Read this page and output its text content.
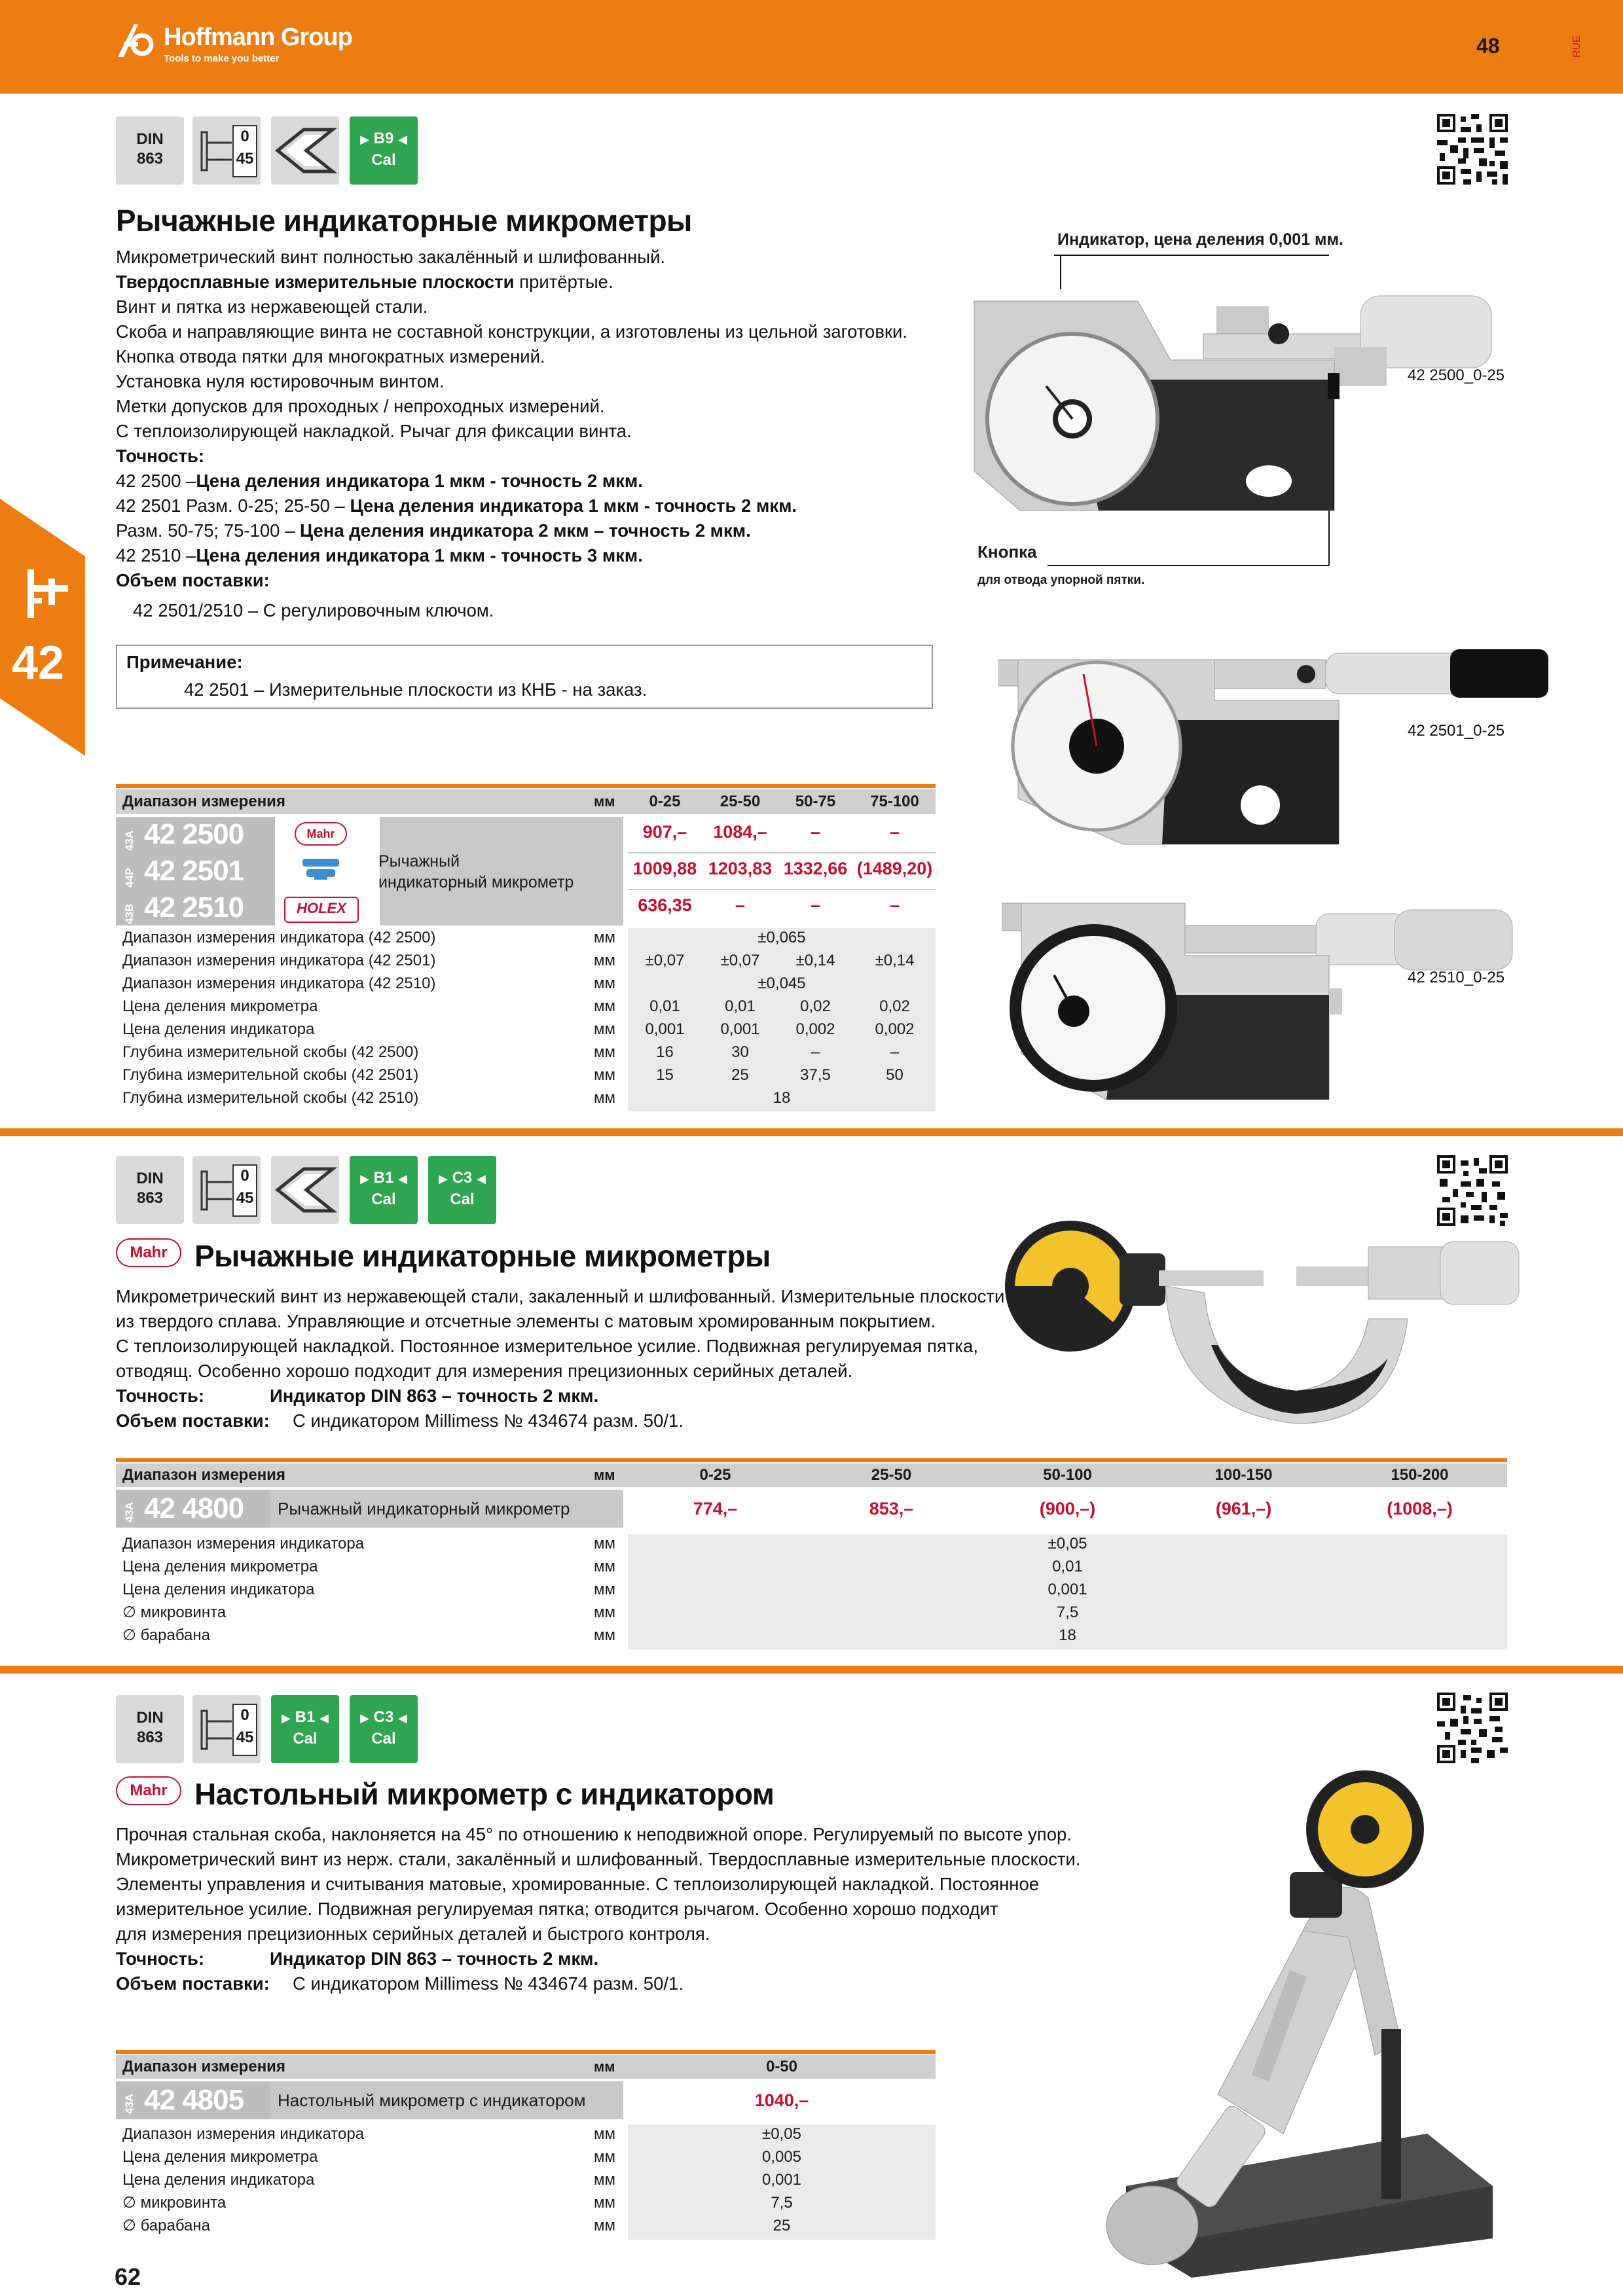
Hoffmann Group
Tools to make you better
48	RUE
42
DIN
863
0
45
▶ B9 ◀
Cal
Рычажные индикаторные микрометры
Микрометрический винт полностью закалённый и шлифованный.
Твердосплавные измерительные плоскости притёртые.
Винт и пятка из нержавеющей стали.
Скоба и направляющие винта не составной конструкции, а изготовлены из цельной заготовки.
Кнопка отвода пятки для многократных измерений.
Установка нуля юстировочным винтом.
Метки допусков для проходных / непроходных измерений.
С теплоизолирующей накладкой. Рычаг для фиксации винта.
Точность:
42 2500 –Цена деления индикатора 1 мкм - точность 2 мкм.
42 2501 Разм. 0-25; 25-50 – Цена деления индикатора 1 мкм - точность 2 мкм.
Разм. 50-75; 75-100 – Цена деления индикатора 2 мкм – точность 2 мкм.
42 2510 –Цена деления индикатора 1 мкм - точность 3 мкм.
Объем поставки:
42 2501/2510 – С регулировочным ключом.
Примечание:
42 2501 – Измерительные плоскости из КНБ - на заказ.
Индикатор, цена деления 0,001 мм.
42 2500_0-25
Кнопка
для отвода упорной пятки.
42 2501_0-25
42 2510_0-25
Диапазон измерения	мм	0-25	25-50	50-75	75-100
43A 42 2500
44P 42 2501
43B 42 2510
Mahr
HOLEX
Рычажный
индикаторный микрометр
907,–	1084,–	–	–
1009,88 1203,83 1332,66 (1489,20)
636,35	–	–	–
Диапазон измерения индикатора (42 2500)	мм	±0,065
Диапазон измерения индикатора (42 2501)	мм	±0,07	±0,07	±0,14	±0,14
Диапазон измерения индикатора (42 2510)	мм	±0,045
Цена деления микрометра	мм	0,01	0,01	0,02	0,02
Цена деления индикатора	мм	0,001	0,001	0,002	0,002
Глубина измерительной скобы (42 2500)	мм	16	30	–	–
Глубина измерительной скобы (42 2501)	мм	15	25	37,5	50
Глубина измерительной скобы (42 2510)	мм	18
DIN
863
0
45
▶ B1 ◀
Cal
▶ C3 ◀
Cal
Mahr Рычажные индикаторные микрометры
Микрометрический винт из нержавеющей стали, закаленный и шлифованный. Измерительные плоскости
из твердого сплава. Управляющие и отсчетные элементы с матовым хромированным покрытием.
С теплоизолирующей накладкой. Постоянное измерительное усилие. Подвижная регулируемая пятка,
отводящ. Особенно хорошо подходит для измерения прецизионных серийных деталей.
Точность:	Индикатор DIN 863 – точность 2 мкм.
Объем поставки: С индикатором Millimess № 434674 разм. 50/1.
Диапазон измерения	мм	0-25	25-50	50-100	100-150	150-200
43A 42 4800 Рычажный индикаторный микрометр	774,–	853,–	(900,–)	(961,–)	(1008,–)
Диапазон измерения индикатора	мм	±0,05
Цена деления микрометра	мм	0,01
Цена деления индикатора	мм	0,001
∅ микровинта	мм	7,5
∅ барабана	мм	18
DIN
863
0
45
▶ B1 ◀
Cal
▶ C3 ◀
Cal
Mahr Настольный микрометр с индикатором
Прочная стальная скоба, наклоняется на 45° по отношению к неподвижной опоре. Регулируемый по высоте упор.
Микрометрический винт из нерж. стали, закалённый и шлифованный. Твердосплавные измерительные плоскости.
Элементы управления и считывания матовые, хромированные. С теплоизолирующей накладкой. Постоянное
измерительное усилие. Подвижная регулируемая пятка; отводится рычагом. Особенно хорошо подходит
для измерения прецизионных серийных деталей и быстрого контроля.
Точность:	Индикатор DIN 863 – точность 2 мкм.
Объем поставки: С индикатором Millimess № 434674 разм. 50/1.
Диапазон измерения	мм	0-50
43A 42 4805 Настольный микрометр с индикатором	1040,–
Диапазон измерения индикатора	мм	±0,05
Цена деления микрометра	мм	0,005
Цена деления индикатора	мм	0,001
∅ микровинта	мм	7,5
∅ барабана	мм	25
62
